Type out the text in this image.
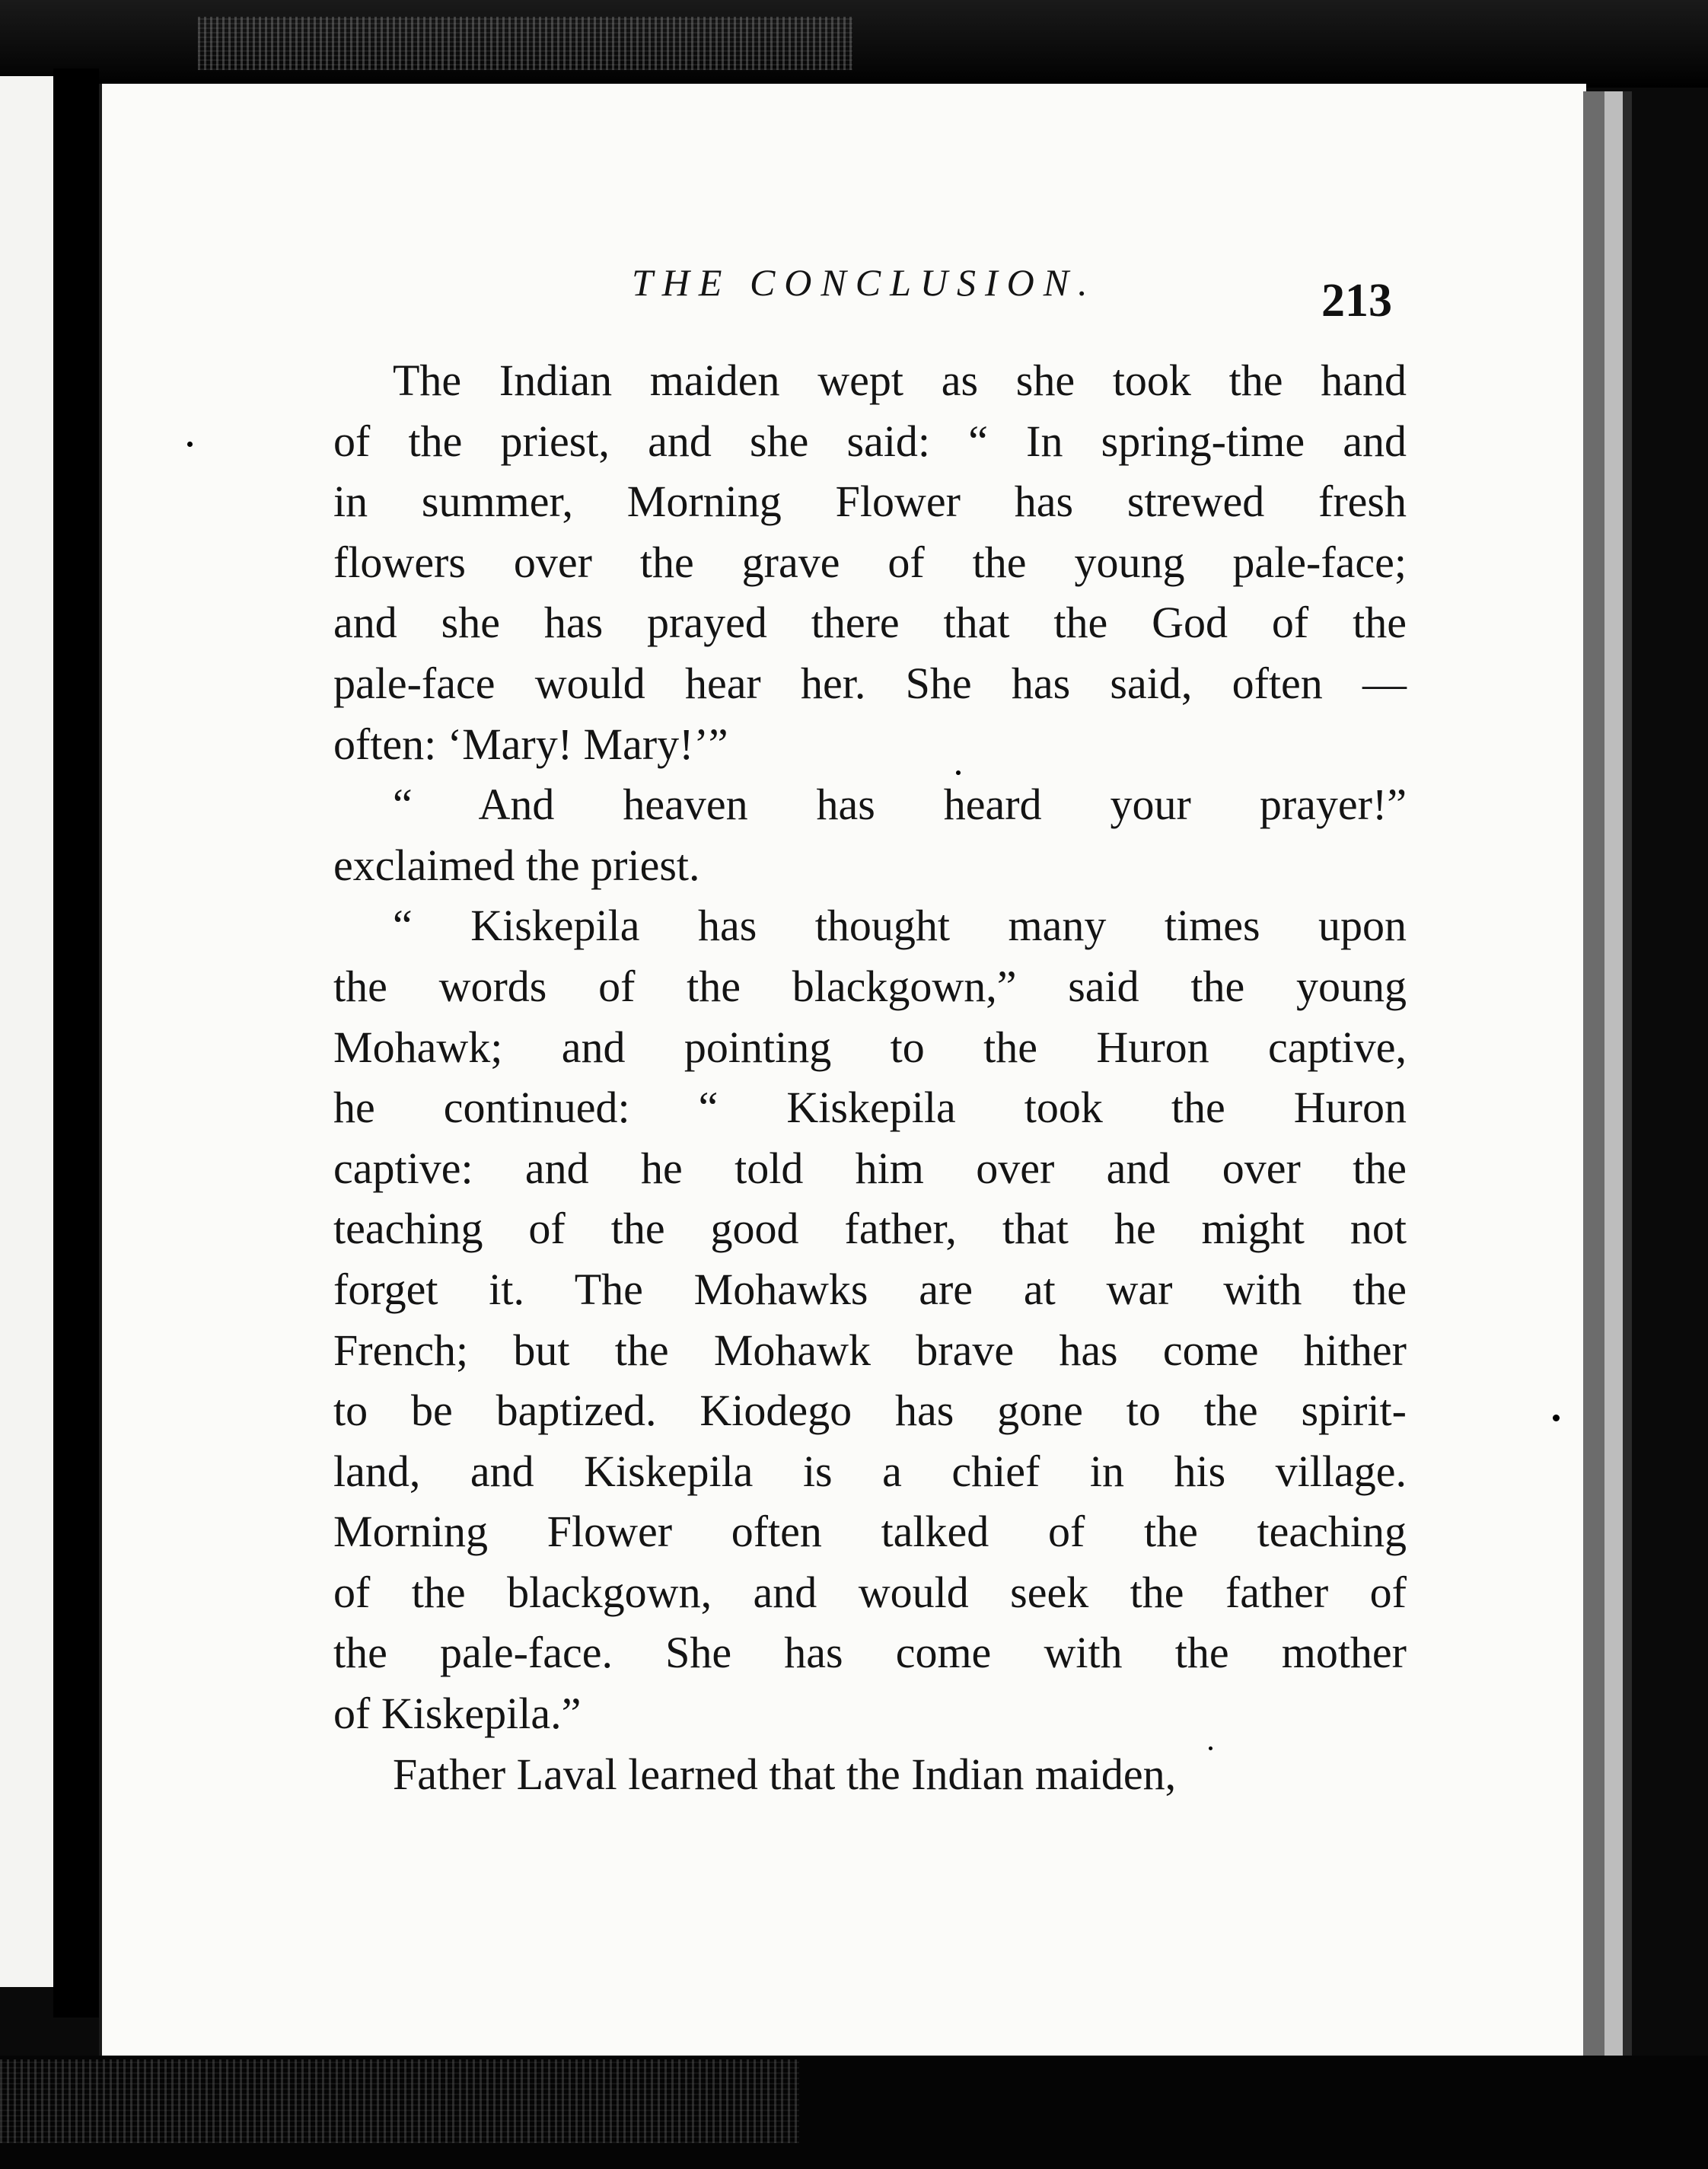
THE CONCLUSION.	213
The Indian maiden wept as she took the hand
of the priest, and she said: “ In spring-time and
in summer, Morning Flower has strewed fresh
flowers over the grave of the young pale-face;
and she has prayed there that the God of the
pale-face would hear her. She has said, often —
often: ‘Mary! Mary!’”
“ And heaven has heard your prayer!”
exclaimed the priest.
“ Kiskepila has thought many times upon
the words of the blackgown,” said the young
Mohawk; and pointing to the Huron captive,
he continued: “ Kiskepila took the Huron
captive: and he told him over and over the
teaching of the good father, that he might not
forget it. The Mohawks are at war with the
French; but the Mohawk brave has come hither
to be baptized. Kiodego has gone to the spirit-
land, and Kiskepila is a chief in his village.
Morning Flower often talked of the teaching
of the blackgown, and would seek the father of
the pale-face. She has come with the mother
of Kiskepila.”
Father Laval learned that the Indian maiden,
